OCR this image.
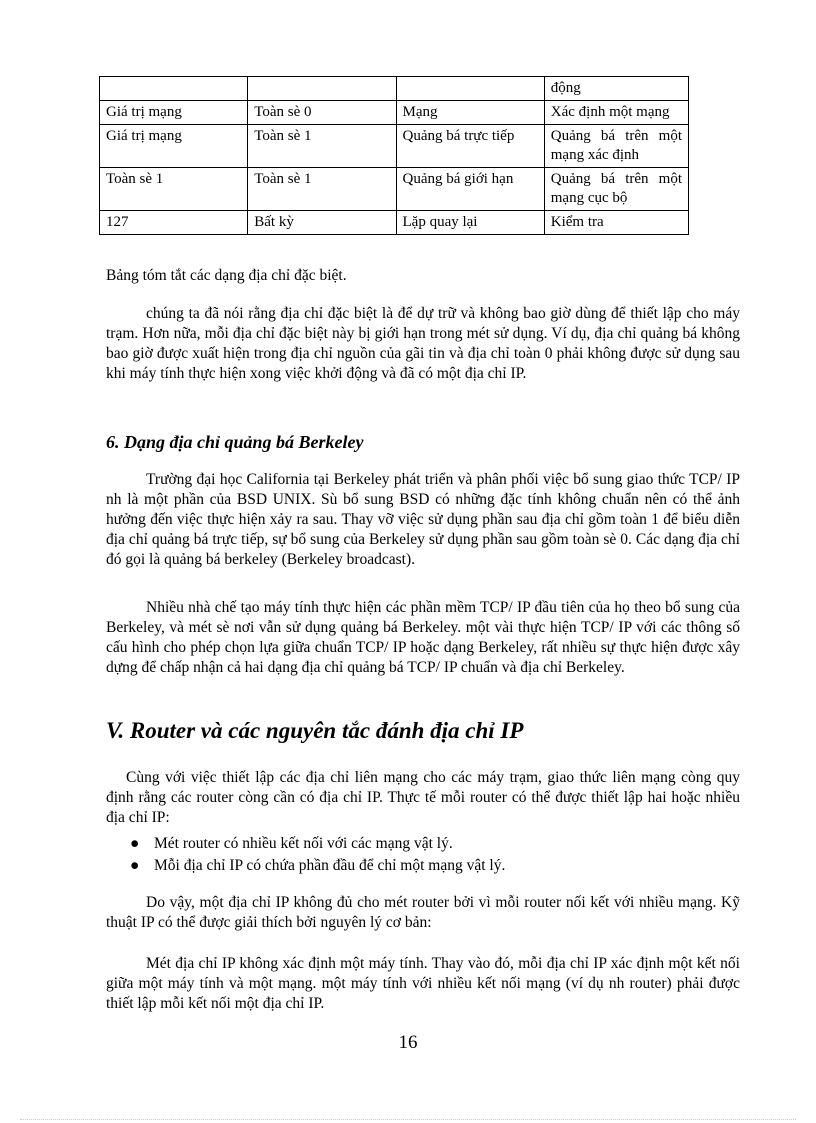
			động
Giá trị mạng	Toàn sè 0	Mạng	Xác định một mạng
Giá trị mạng	Toàn sè 1	Quảng bá trực tiếp	Quảng bá trên một mạng xác định
Toàn sè 1	Toàn sè 1	Quảng bá giới hạn	Quảng bá trên một mạng cục bộ
127	Bất kỳ	Lặp quay lại	Kiểm tra
Bảng tóm tắt các dạng địa chỉ đặc biệt.
chúng ta đã nói rằng địa chỉ đặc biệt là để dự trữ và không bao giờ dùng để thiết lập cho máy trạm. Hơn nữa, mỗi địa chỉ đặc biệt này bị giới hạn trong mét sử dụng. Ví dụ, địa chỉ quảng bá không bao giờ được xuất hiện trong địa chỉ nguồn của gãi tin và địa chỉ toàn 0 phải không được sử dụng sau khi máy tính thực hiện xong việc khởi động và đã có một địa chỉ IP.
6. Dạng địa chỉ quảng bá Berkeley
Trường đại học California tại Berkeley phát triển và phân phối việc bổ sung giao thức TCP/ IP nh là một phần của BSD UNIX. Sù bổ sung BSD có những đặc tính không chuẩn nên có thể ảnh hưởng đến việc thực hiện xảy ra sau. Thay vỡ việc sử dụng phần sau địa chỉ gồm toàn 1 để biểu diễn địa chỉ quảng bá trực tiếp, sự bổ sung của Berkeley sử dụng phần sau gồm toàn sè 0. Các dạng địa chỉ đó gọi là quảng bá berkeley (Berkeley broadcast).
Nhiều nhà chế tạo máy tính thực hiện các phần mềm TCP/ IP đầu tiên của họ theo bổ sung của Berkeley, và mét sè nơi vẫn sử dụng quảng bá Berkeley. một vài thực hiện TCP/ IP với các thông số cấu hình cho phép chọn lựa giữa chuẩn TCP/ IP hoặc dạng Berkeley, rất nhiều sự thực hiện được xây dựng để chấp nhận cả hai dạng địa chỉ quảng bá TCP/ IP chuẩn và địa chỉ Berkeley.
V. Router và các nguyên tắc đánh địa chỉ IP
Cùng với việc thiết lập các địa chỉ liên mạng cho các máy trạm, giao thức liên mạng còng quy định rằng các router còng cần có địa chỉ IP. Thực tế mỗi router có thể được thiết lập hai hoặc nhiều địa chỉ IP:
● Mét router có nhiều kết nối với các mạng vật lý.
● Mỗi địa chỉ IP có chứa phần đầu để chỉ một mạng vật lý.
Do vậy, một địa chỉ IP không đủ cho mét router bởi vì mỗi router nối kết với nhiều mạng. Kỹ thuật IP có thể được giải thích bởi nguyên lý cơ bản:
Mét địa chỉ IP không xác định một máy tính. Thay vào đó, mỗi địa chỉ IP xác định một kết nối giữa một máy tính và một mạng. một máy tính với nhiều kết nối mạng (ví dụ nh router) phải được thiết lập mỗi kết nối một địa chỉ IP.
16
